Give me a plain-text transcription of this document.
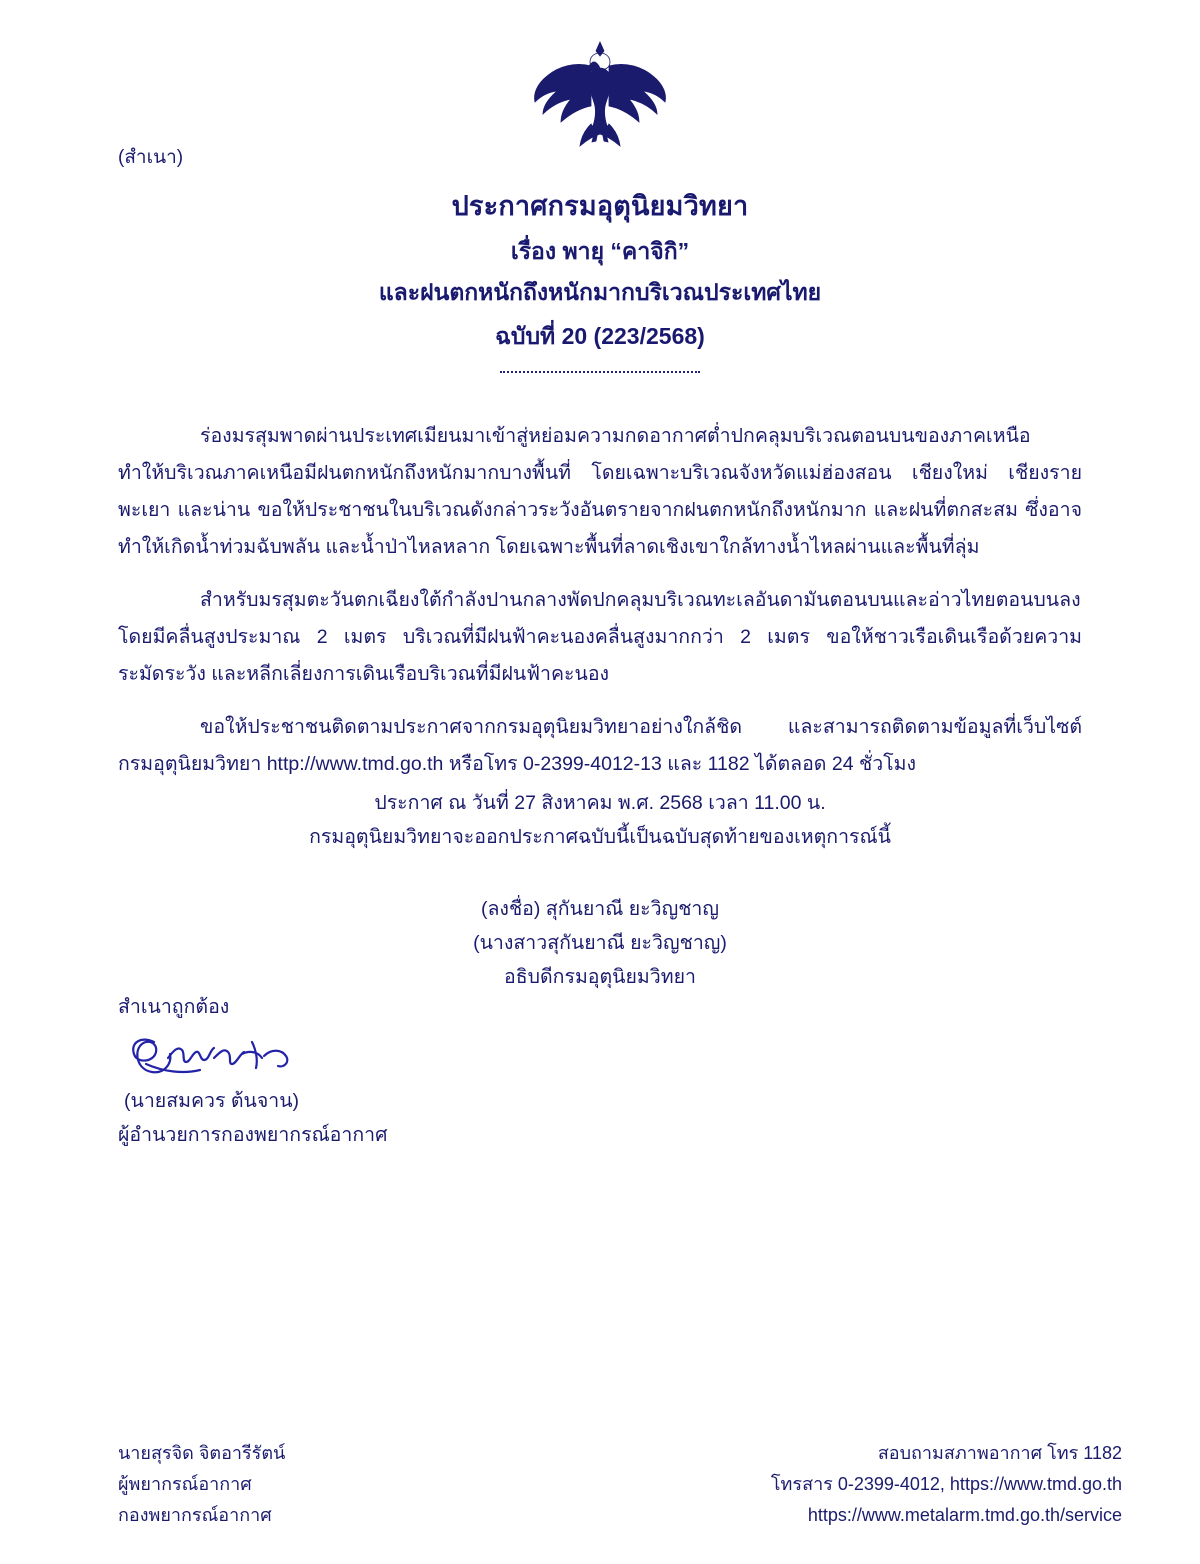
(สำเนา)
ประกาศกรมอุตุนิยมวิทยา
เรื่อง พายุ “คาจิกิ”
และฝนตกหนักถึงหนักมากบริเวณประเทศไทย
ฉบับที่ 20 (223/2568)

ร่องมรสุมพาดผ่านประเทศเมียนมาเข้าสู่หย่อมความกดอากาศต่ำปกคลุมบริเวณตอนบนของภาคเหนือ ทำให้บริเวณภาคเหนือมีฝนตกหนักถึงหนักมากบางพื้นที่ โดยเฉพาะบริเวณจังหวัดแม่ฮ่องสอน เชียงใหม่ เชียงราย พะเยา และน่าน ขอให้ประชาชนในบริเวณดังกล่าวระวังอันตรายจากฝนตกหนักถึงหนักมาก และฝนที่ตกสะสม ซึ่งอาจทำให้เกิดน้ำท่วมฉับพลัน และน้ำป่าไหลหลาก โดยเฉพาะพื้นที่ลาดเชิงเขาใกล้ทางน้ำไหลผ่านและพื้นที่ลุ่ม

สำหรับมรสุมตะวันตกเฉียงใต้กำลังปานกลางพัดปกคลุมบริเวณทะเลอันดามันตอนบนและอ่าวไทยตอนบนลง โดยมีคลื่นสูงประมาณ 2 เมตร บริเวณที่มีฝนฟ้าคะนองคลื่นสูงมากกว่า 2 เมตร ขอให้ชาวเรือเดินเรือด้วยความระมัดระวัง และหลีกเลี่ยงการเดินเรือบริเวณที่มีฝนฟ้าคะนอง

ขอให้ประชาชนติดตามประกาศจากกรมอุตุนิยมวิทยาอย่างใกล้ชิด และสามารถติดตามข้อมูลที่เว็บไซต์ กรมอุตุนิยมวิทยา http://www.tmd.go.th หรือโทร 0-2399-4012-13 และ 1182 ได้ตลอด 24 ชั่วโมง

ประกาศ ณ วันที่ 27 สิงหาคม พ.ศ. 2568 เวลา 11.00 น.
กรมอุตุนิยมวิทยาจะออกประกาศฉบับนี้เป็นฉบับสุดท้ายของเหตุการณ์นี้
(ลงชื่อ) สุกันยาณี ยะวิญชาญ
(นางสาวสุกันยาณี ยะวิญชาญ)
อธิบดีกรมอุตุนิยมวิทยา
สำเนาถูกต้อง
(นายสมควร ต้นจาน)
ผู้อำนวยการกองพยากรณ์อากาศ
นายสุรจิด จิตอารีรัตน์
ผู้พยากรณ์อากาศ
กองพยากรณ์อากาศ
สอบถามสภาพอากาศ โทร 1182
โทรสาร 0-2399-4012, https://www.tmd.go.th
https://www.metalarm.tmd.go.th/service
